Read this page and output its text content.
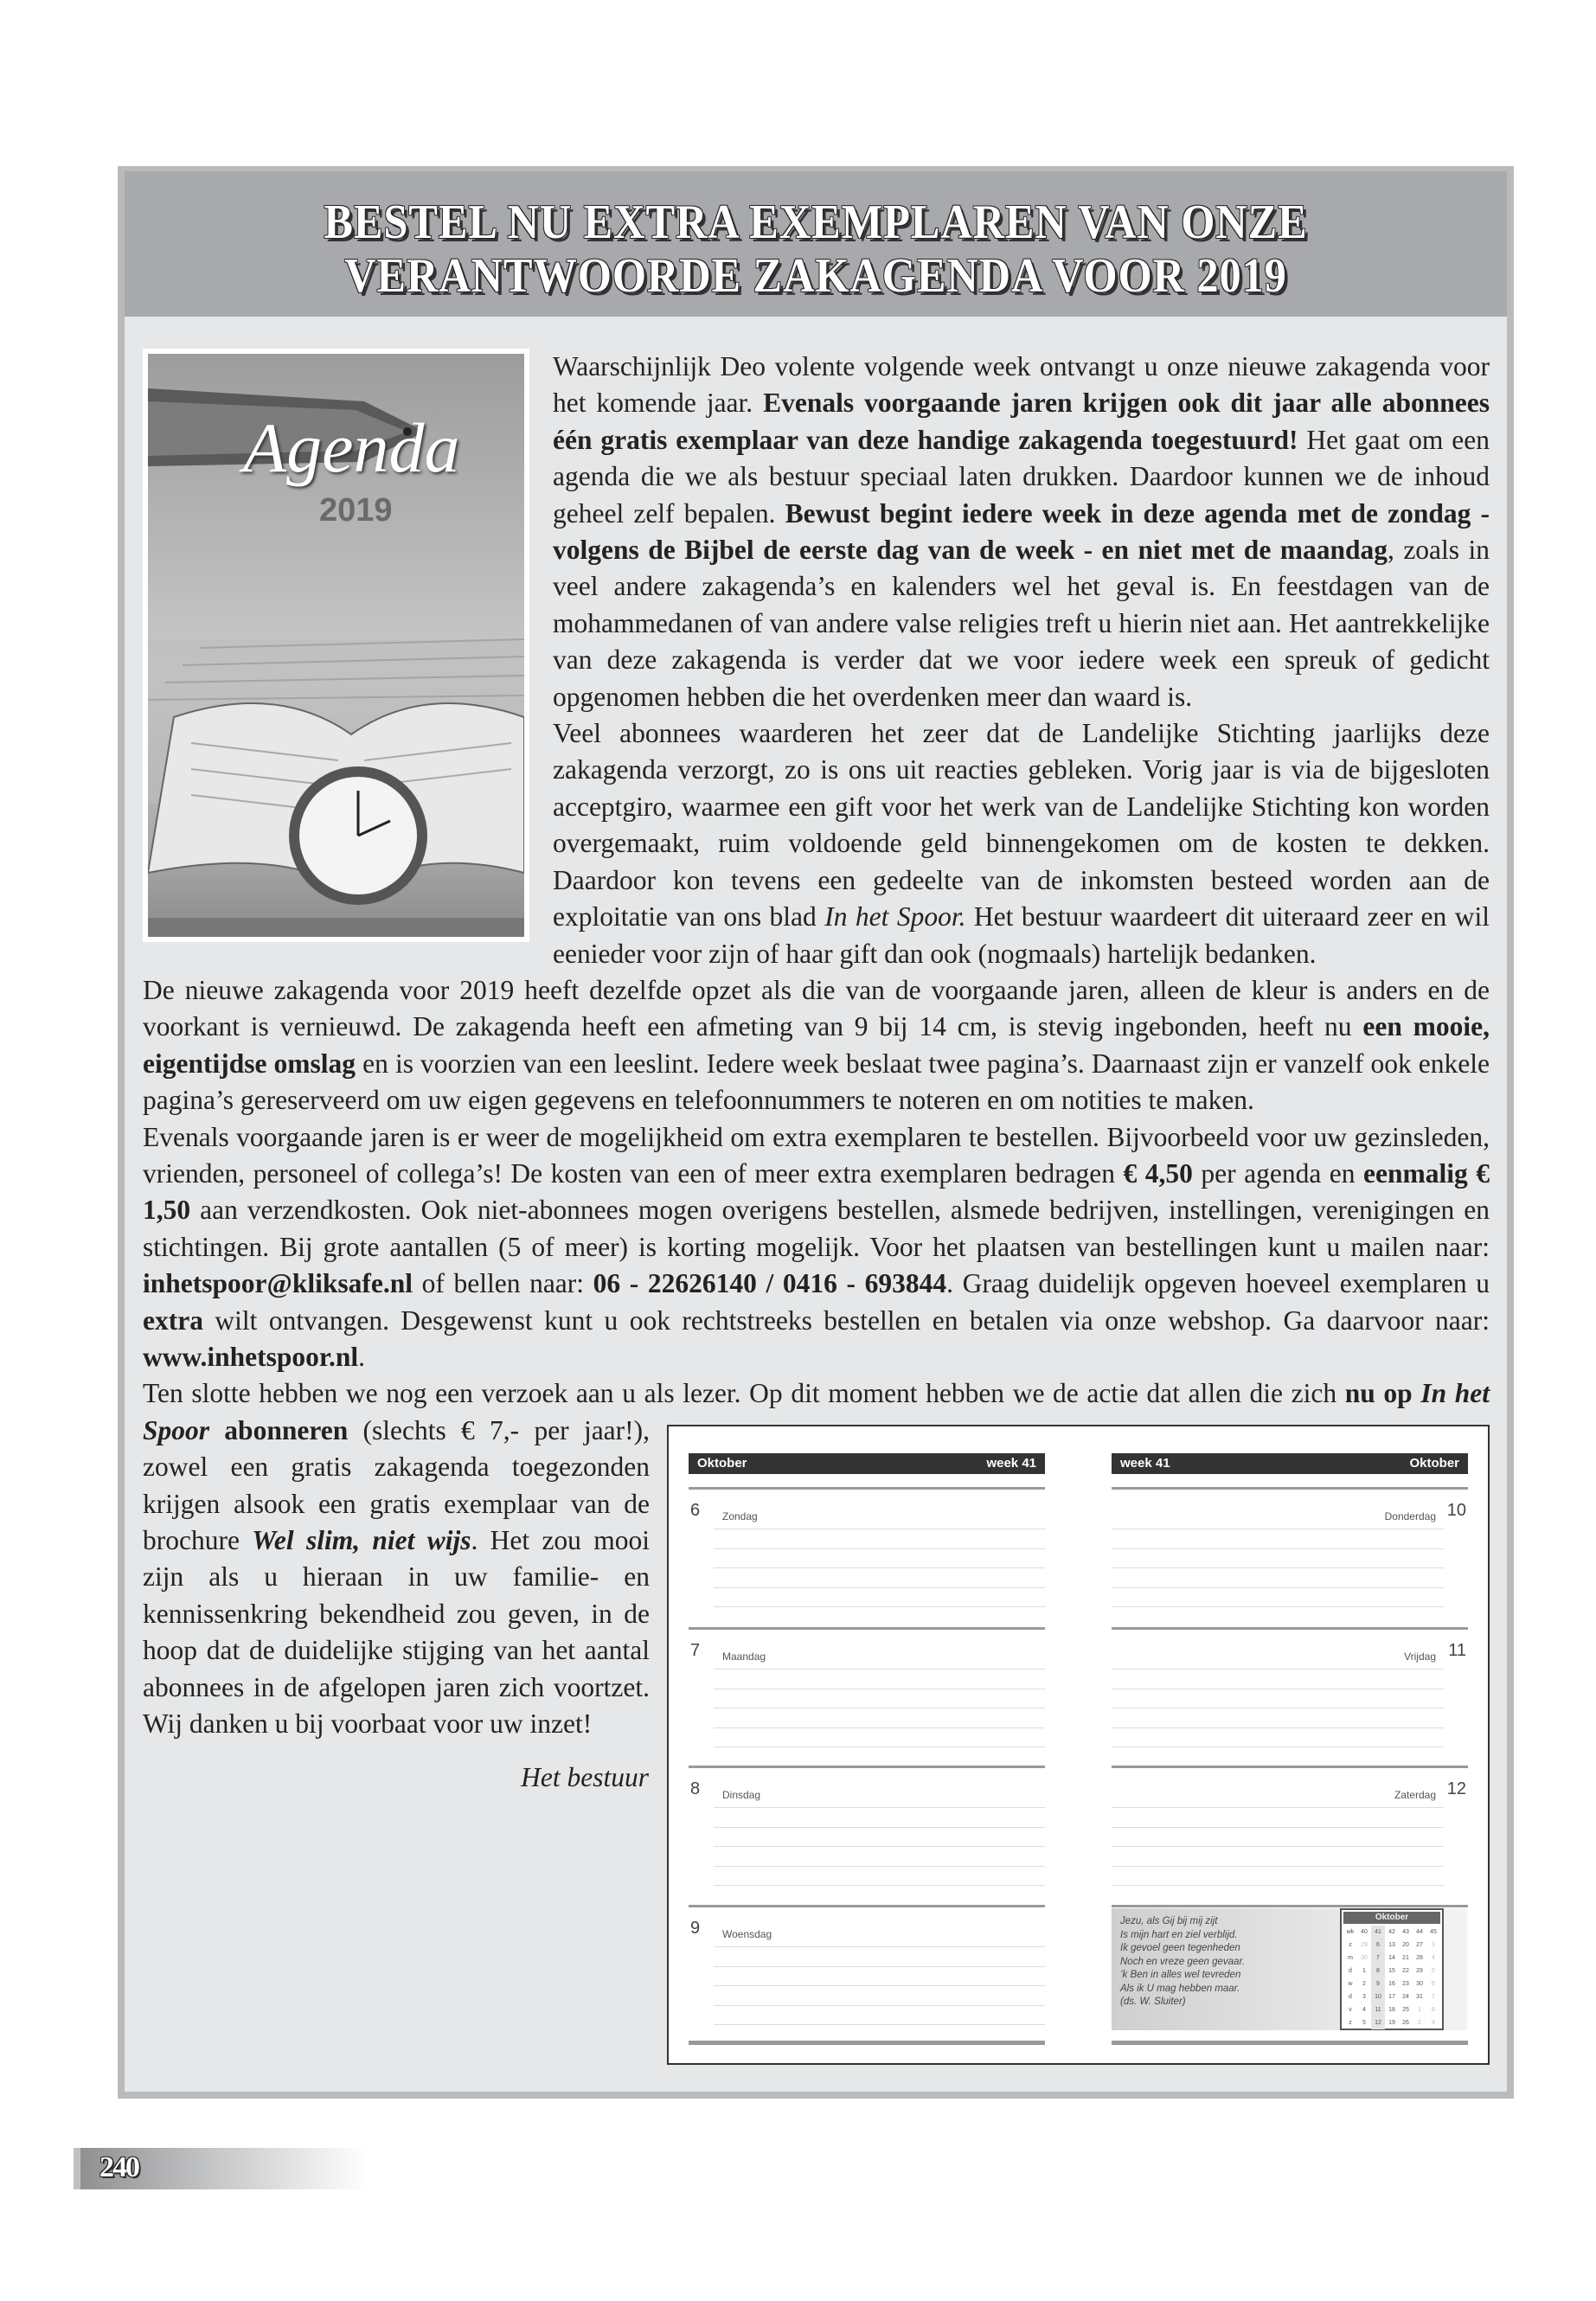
BESTEL NU EXTRA EXEMPLAREN VAN ONZE
VERANTWOORDE ZAKAGENDA VOOR 2019
Agenda
2019
Oktober	week 41	week 41	Oktober
Jezu, als Gij bij mij zijt
Is mijn hart en ziel verblijd.
Ik gevoel geen tegenheden
Noch en vreze geen gevaar.
’k Ben in alles wel tevreden
Als ik U mag hebben maar.
(ds. W. Sluiter)
Oktober
wk	40	41	42	43	44	45
z	29	6	13	20	27	3
m	30	7	14	21	28	4
d	1	8	15	22	29	5
w	2	9	16	23	30	6
d	3	10	17	24	31	7
v	4	11	18	25	1	8
z	5	12	19	26	2	9
6 Zondag
7 Maandag
8 Dinsdag
9 Woensdag
10
Donderdag
11
Vrijdag
12
Zaterdag

Waarschijnlijk Deo volente volgende week ontvangt u onze nieuwe zakagenda voor het komende jaar. Evenals voorgaande jaren krijgen ook dit jaar alle abonnees één gratis exemplaar van deze handige zakagenda toegestuurd! Het gaat om een agenda die we als bestuur speciaal laten drukken. Daardoor kunnen we de inhoud geheel zelf bepalen. Bewust begint iedere week in deze agenda met de zondag - volgens de Bijbel de eerste dag van de week - en niet met de maandag, zoals in veel andere zakagenda’s en kalenders wel het geval is. En feestdagen van de mohammedanen of van andere valse religies treft u hierin niet aan. Het aantrekkelijke van deze zakagenda is verder dat we voor iedere week een spreuk of gedicht opgenomen hebben die het overdenken meer dan waard is.

Veel abonnees waarderen het zeer dat de Landelijke Stichting jaarlijks deze zakagenda verzorgt, zo is ons uit reacties gebleken. Vorig jaar is via de bijgesloten acceptgiro, waarmee een gift voor het werk van de Landelijke Stichting kon worden overgemaakt, ruim voldoende geld binnengekomen om de kosten te dekken. Daardoor kon tevens een gedeelte van de inkomsten besteed worden aan de exploitatie van ons blad In het Spoor. Het bestuur waardeert dit uiteraard zeer en wil eenieder voor zijn of haar gift dan ook (nogmaals) hartelijk bedanken.

De nieuwe zakagenda voor 2019 heeft dezelfde opzet als die van de voorgaande jaren, alleen de kleur is anders en de voorkant is vernieuwd. De zakagenda heeft een afmeting van 9 bij 14 cm, is stevig ingebonden, heeft nu een mooie, eigentijdse omslag en is voorzien van een leeslint. Iedere week beslaat twee pagina’s. Daarnaast zijn er vanzelf ook enkele pagina’s gereserveerd om uw eigen gegevens en telefoonnummers te noteren en om notities te maken.

Evenals voorgaande jaren is er weer de mogelijkheid om extra exemplaren te bestellen. Bijvoorbeeld voor uw gezinsleden, vrienden, personeel of collega’s! De kosten van een of meer extra exemplaren bedragen € 4,50 per agenda en eenmalig € 1,50 aan verzendkosten. Ook niet-abonnees mogen overigens bestellen, alsmede bedrijven, instellingen, verenigingen en stichtingen. Bij grote aantallen (5 of meer) is korting mogelijk. Voor het plaatsen van bestellingen kunt u mailen naar: inhetspoor@kliksafe.nl of bellen naar: 06 - 22626140 / 0416 - 693844. Graag duidelijk opgeven hoeveel exemplaren u extra wilt ontvangen. Desgewenst kunt u ook rechtstreeks bestellen en betalen via onze webshop. Ga daarvoor naar: www.inhetspoor.nl.

Ten slotte hebben we nog een verzoek aan u als lezer. Op dit moment hebben we de actie dat allen die zich nu op In het Spoor abonneren (slechts € 7,- per jaar!), zowel een gratis zakagenda toegezonden krijgen alsook een gratis exemplaar van de brochure Wel slim, niet wijs. Het zou mooi zijn als u hieraan in uw familie- en kennissenkring bekendheid zou geven, in de hoop dat de duidelijke stijging van het aantal abonnees in de afgelopen jaren zich voortzet. Wij danken u bij voorbaat voor uw inzet!

Het bestuur
240
